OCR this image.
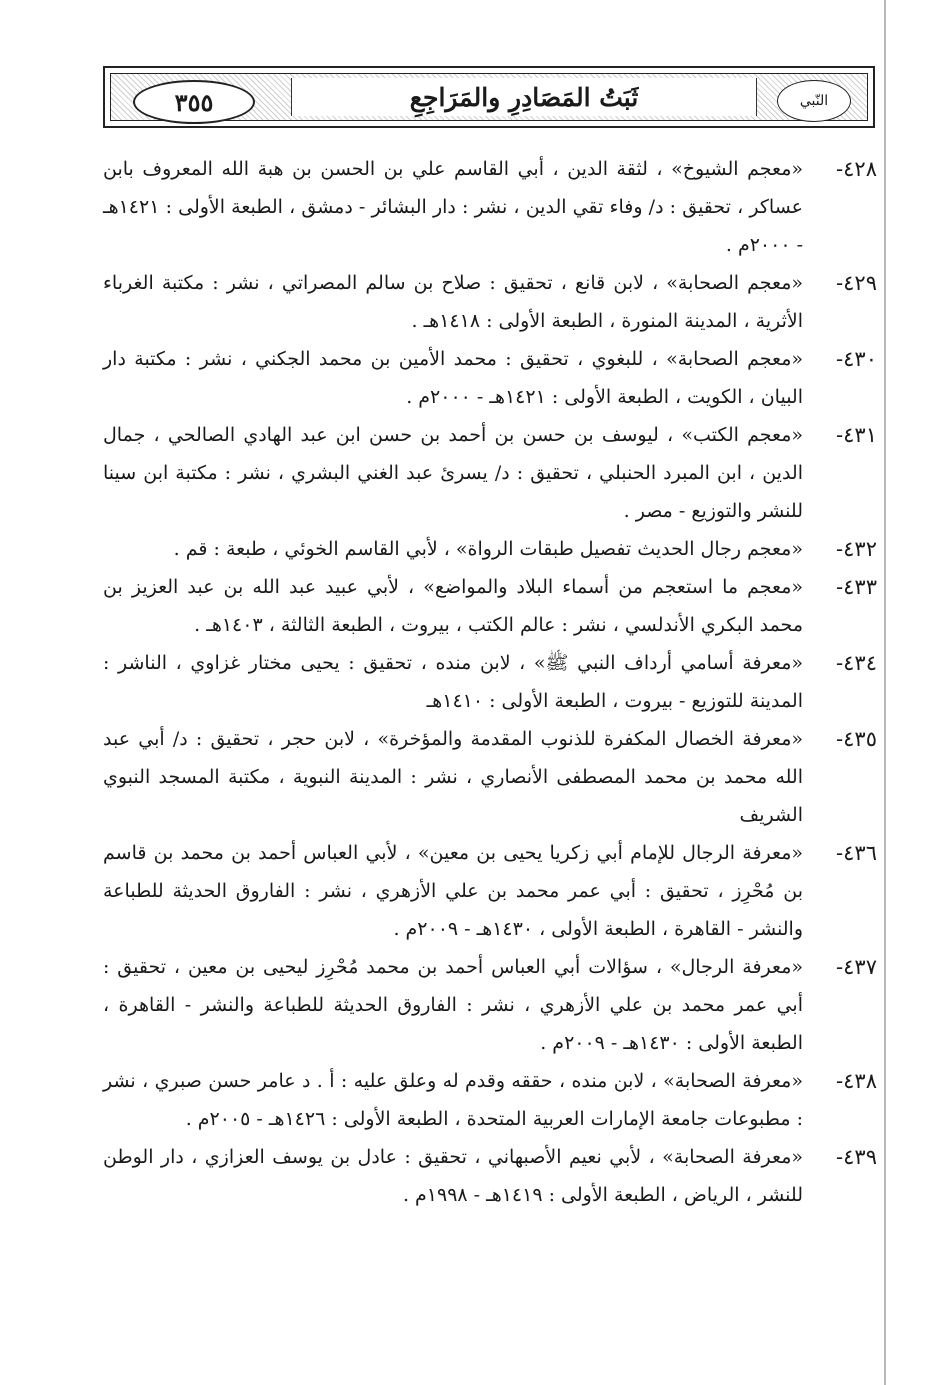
٣٥٥	ثَبَتُ المَصَادِرِ والمَرَاجِعِ	النّبي
٤٢٨-
«معجم الشيوخ» ، لثقة الدين ، أبي القاسم علي بن الحسن بن هبة الله المعروف بابن عساكر ، تحقيق : د/ وفاء تقي الدين ، نشر : دار البشائر - دمشق ، الطبعة الأولى : ١٤٢١هـ - ٢٠٠٠م .
٤٢٩-
«معجم الصحابة» ، لابن قانع ، تحقيق : صلاح بن سالم المصراتي ، نشر : مكتبة الغرباء الأثرية ، المدينة المنورة ، الطبعة الأولى : ١٤١٨هـ .
٤٣٠-
«معجم الصحابة» ، للبغوي ، تحقيق : محمد الأمين بن محمد الجكني ، نشر : مكتبة دار البيان ، الكويت ، الطبعة الأولى : ١٤٢١هـ - ٢٠٠٠م .
٤٣١-
«معجم الكتب» ، ليوسف بن حسن بن أحمد بن حسن ابن عبد الهادي الصالحي ، جمال الدين ، ابن المبرد الحنبلي ، تحقيق : د/ يسرئ عبد الغني البشري ، نشر : مكتبة ابن سينا للنشر والتوزيع - مصر .
٤٣٢-
«معجم رجال الحديث تفصيل طبقات الرواة» ، لأبي القاسم الخوئي ، طبعة : قم .
٤٣٣-
«معجم ما استعجم من أسماء البلاد والمواضع» ، لأبي عبيد عبد الله بن عبد العزيز بن محمد البكري الأندلسي ، نشر : عالم الكتب ، بيروت ، الطبعة الثالثة ، ١٤٠٣هـ .
٤٣٤-
«معرفة أسامي أرداف النبي ﷺ» ، لابن منده ، تحقيق : يحيى مختار غزاوي ، الناشر : المدينة للتوزيع - بيروت ، الطبعة الأولى : ١٤١٠هـ
٤٣٥-
«معرفة الخصال المكفرة للذنوب المقدمة والمؤخرة» ، لابن حجر ، تحقيق : د/ أبي عبد الله محمد بن محمد المصطفى الأنصاري ، نشر : المدينة النبوية ، مكتبة المسجد النبوي الشريف
٤٣٦-
«معرفة الرجال للإمام أبي زكريا يحيى بن معين» ، لأبي العباس أحمد بن محمد بن قاسم بن مُحْرِز ، تحقيق : أبي عمر محمد بن علي الأزهري ، نشر : الفاروق الحديثة للطباعة والنشر - القاهرة ، الطبعة الأولى ، ١٤٣٠هـ - ٢٠٠٩م .
٤٣٧-
«معرفة الرجال» ، سؤالات أبي العباس أحمد بن محمد مُحْرِز ليحيى بن معين ، تحقيق : أبي عمر محمد بن علي الأزهري ، نشر : الفاروق الحديثة للطباعة والنشر - القاهرة ، الطبعة الأولى : ١٤٣٠هـ - ٢٠٠٩م .
٤٣٨-
«معرفة الصحابة» ، لابن منده ، حققه وقدم له وعلق عليه : أ . د عامر حسن صبري ، نشر : مطبوعات جامعة الإمارات العربية المتحدة ، الطبعة الأولى : ١٤٢٦هـ - ٢٠٠٥م .
٤٣٩-
«معرفة الصحابة» ، لأبي نعيم الأصبهاني ، تحقيق : عادل بن يوسف العزازي ، دار الوطن للنشر ، الرياض ، الطبعة الأولى : ١٤١٩هـ - ١٩٩٨م .
